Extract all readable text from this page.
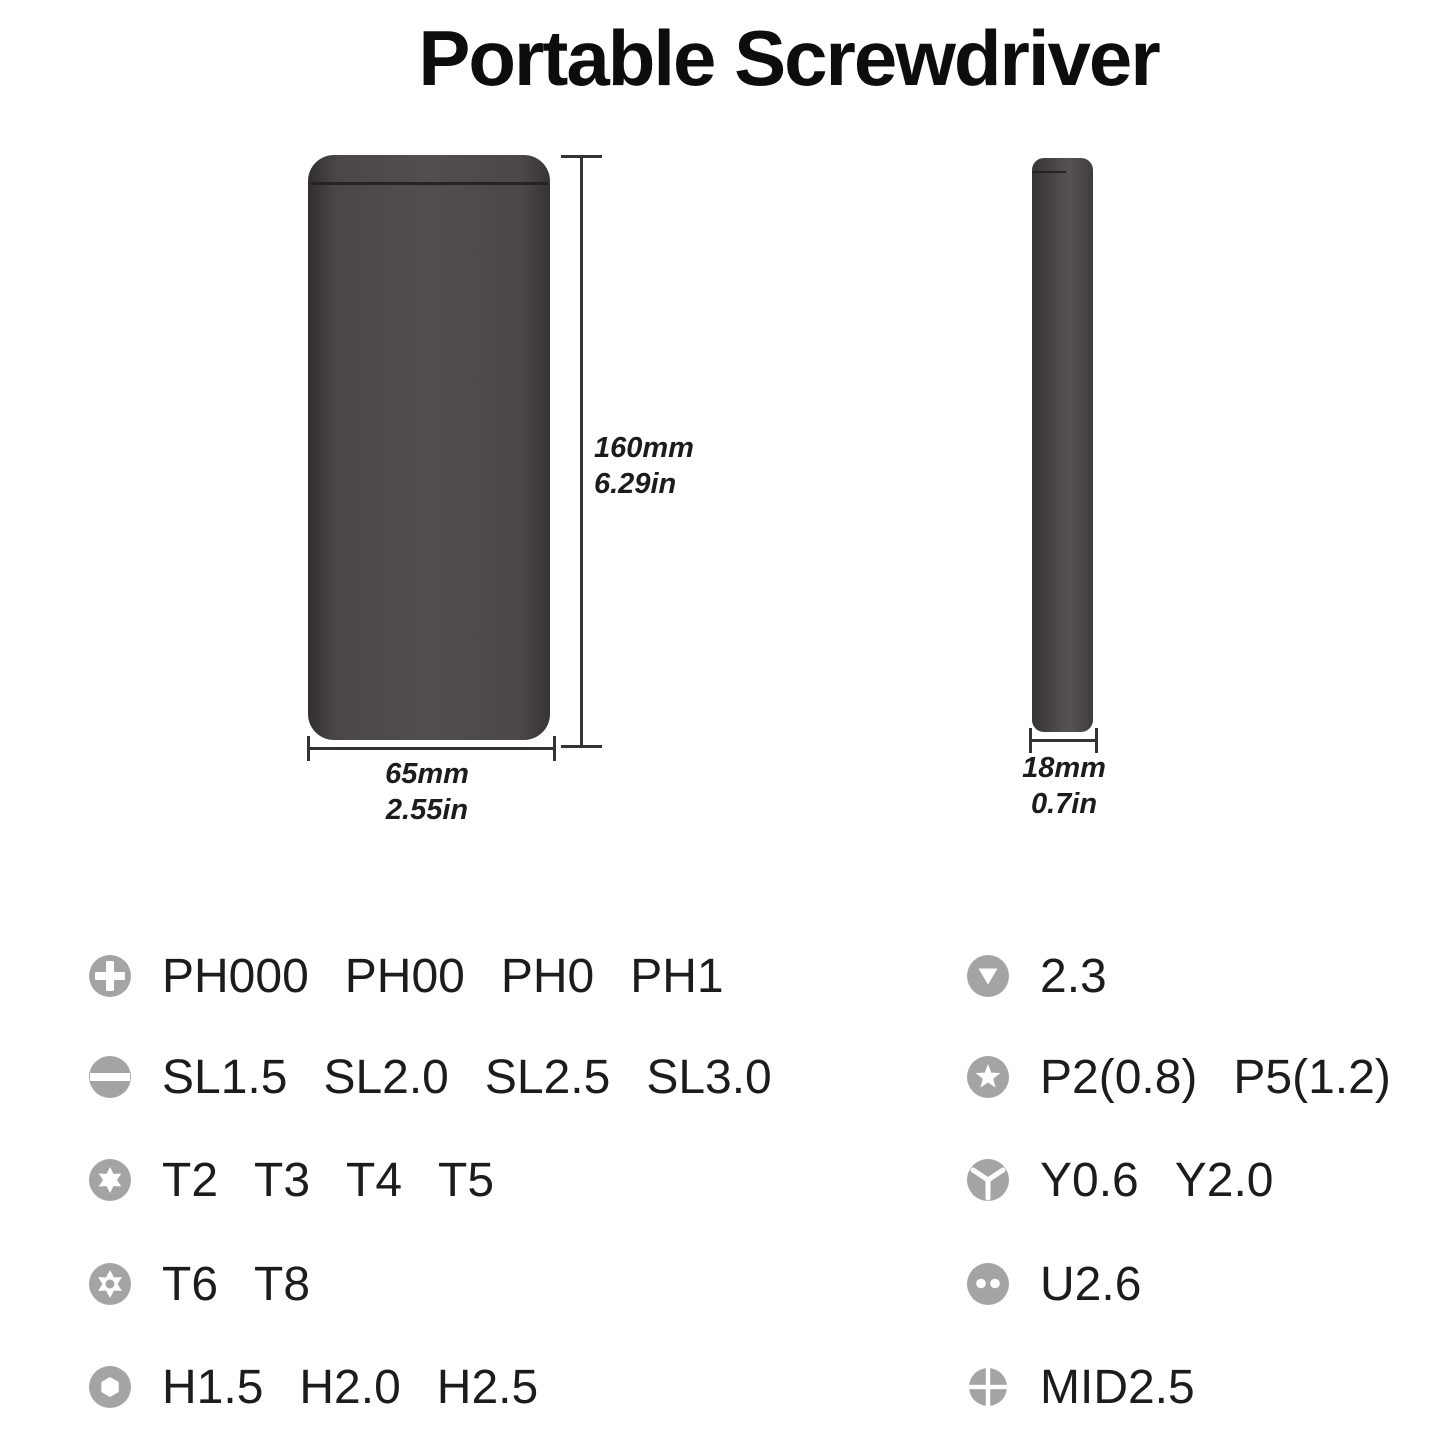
Portable Screwdriver
160mm
6.29in
65mm
2.55in
18mm
0.7in
PH000 PH00 PH0 PH1
SL1.5 SL2.0 SL2.5 SL3.0
T2 T3 T4 T5
T6 T8
H1.5 H2.0 H2.5
2.3
P2(0.8) P5(1.2)
Y0.6 Y2.0
U2.6
MID2.5
